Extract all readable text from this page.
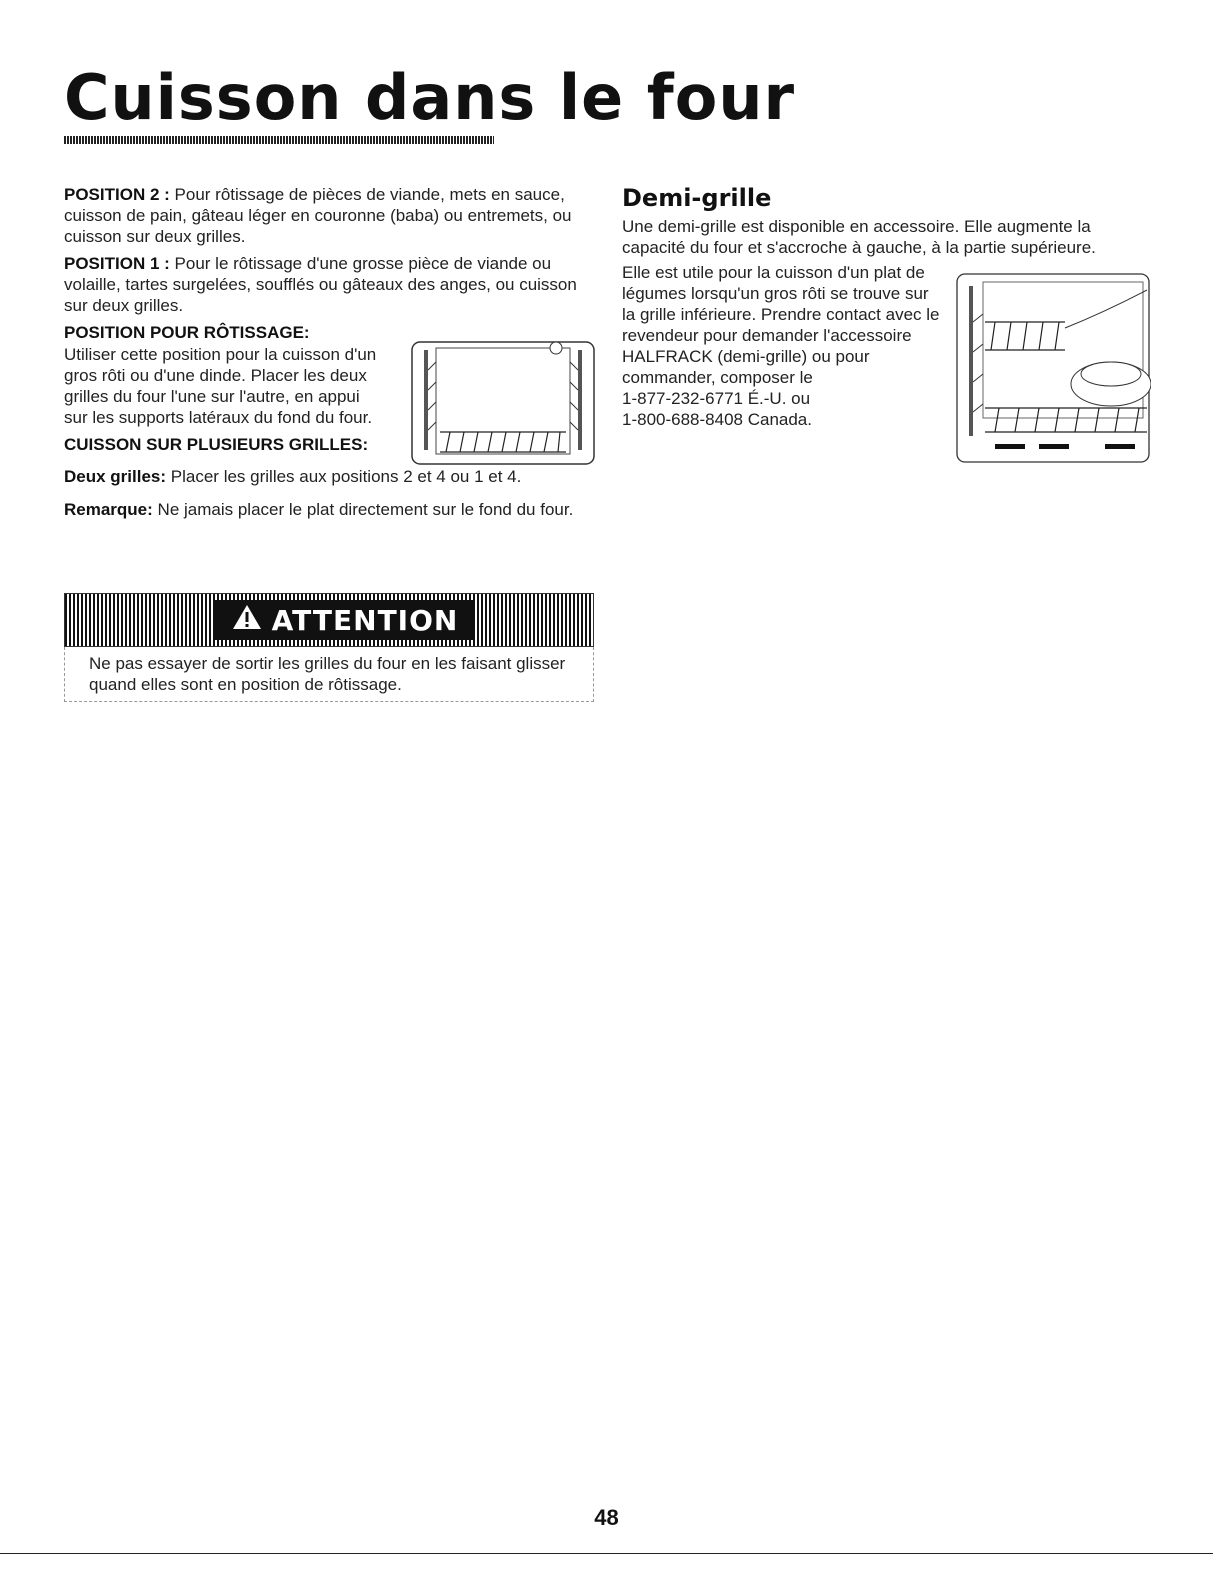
Cuisson dans le four

POSITION 2 : Pour rôtissage de pièces de viande, mets en sauce, cuisson de pain, gâteau léger en couronne (baba) ou entremets, ou cuisson sur deux grilles.

POSITION 1 : Pour le rôtissage d'une grosse pièce de viande ou volaille, tartes surgelées, soufflés ou gâteaux des anges, ou cuisson sur deux grilles.

POSITION POUR RÔTISSAGE:

Utiliser cette position pour la cuisson d'un gros rôti ou d'une dinde. Placer les deux grilles du four l'une sur l'autre, en appui sur les supports latéraux du fond du four.

CUISSON SUR PLUSIEURS GRILLES:

Deux grilles: Placer les grilles aux positions 2 et 4 ou 1 et 4.

Remarque: Ne jamais placer le plat directement sur le fond du four.

Demi-grille

Une demi-grille est disponible en accessoire. Elle augmente la capacité du four et s'accroche à gauche, à la partie supérieure.

Elle est utile pour la cuisson d'un plat de légumes lorsqu'un gros rôti se trouve sur la grille inférieure. Prendre contact avec le revendeur pour demander l'accessoire HALFRACK (demi-grille) ou pour commander, composer le

1-877-232-6771 É.-U. ou

1-800-688-8408 Canada.

ATTENTION
Ne pas essayer de sortir les grilles du four en les faisant glisser quand elles sont en position de rôtissage.
48
